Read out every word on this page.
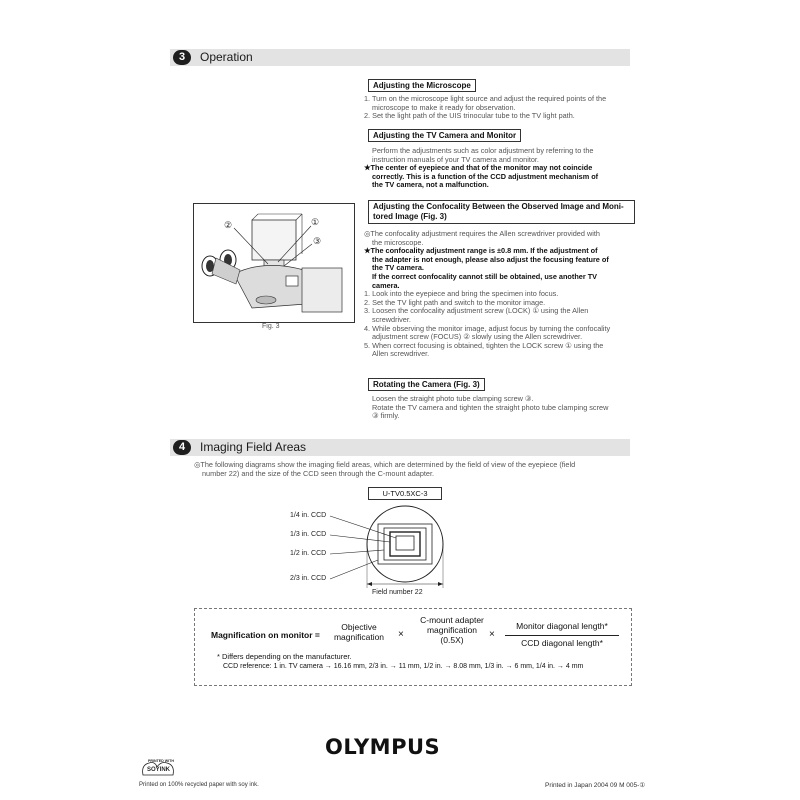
3	Operation
Adjusting the Microscope
1. Turn on the microscope light source and adjust the required points of the
microscope to make it ready for observation.
2. Set the light path of the UIS trinocular tube to the TV light path.
Adjusting the TV Camera and Monitor
Perform the adjustments such as color adjustment by referring to the
instruction manuals of your TV camera and monitor.
★The center of eyepiece and that of the monitor may not coincide
correctly. This is a function of the CCD adjustment mechanism of
the TV camera, not a malfunction.
Adjusting the Confocality Between the Observed Image and Moni-
tored Image (Fig. 3)
◎The confocality adjustment requires the Allen screwdriver provided with
the microscope.
★The confocality adjustment range is ±0.8 mm. If the adjustment of
the adapter is not enough, please also adjust the focusing feature of
the TV camera.
If the correct confocality cannot still be obtained, use another TV
camera.
1. Look into the eyepiece and bring the specimen into focus.
2. Set the TV light path and switch to the monitor image.
3. Loosen the confocality adjustment screw (LOCK) ① using the Allen
screwdriver.
4. While observing the monitor image, adjust focus by turning the confocality
adjustment screw (FOCUS) ② slowly using the Allen screwdriver.
5. When correct focusing is obtained, tighten the LOCK screw ① using the
Allen screwdriver.
Rotating the Camera (Fig. 3)
Loosen the straight photo tube clamping screw ③.
Rotate the TV camera and tighten the straight photo tube clamping screw
③ firmly.
②	①
③
Fig. 3
4	Imaging Field Areas
◎The following diagrams show the imaging field areas, which are determined by the field of view of the eyepiece (field
number 22) and the size of the CCD seen through the C-mount adapter.
U-TV0.5XC-3
1/4 in. CCD
1/3 in. CCD
1/2 in. CCD
2/3 in. CCD
Field number 22
Magnification on monitor =
Objective
magnification ×
C-mount adapter
magnification
(0.5X)	×
Monitor diagonal length*
CCD diagonal length*
* Differs depending on the manufacturer.
CCD reference: 1 in. TV camera → 16.16 mm, 2/3 in. → 11 mm, 1/2 in. → 8.08 mm, 1/3 in. → 6 mm, 1/4 in. → 4 mm
OLYMPUS
PRINTED WITH
SOYINK
Printed on 100% recycled paper with soy ink.	Printed in Japan 2004 09 M 005-①
